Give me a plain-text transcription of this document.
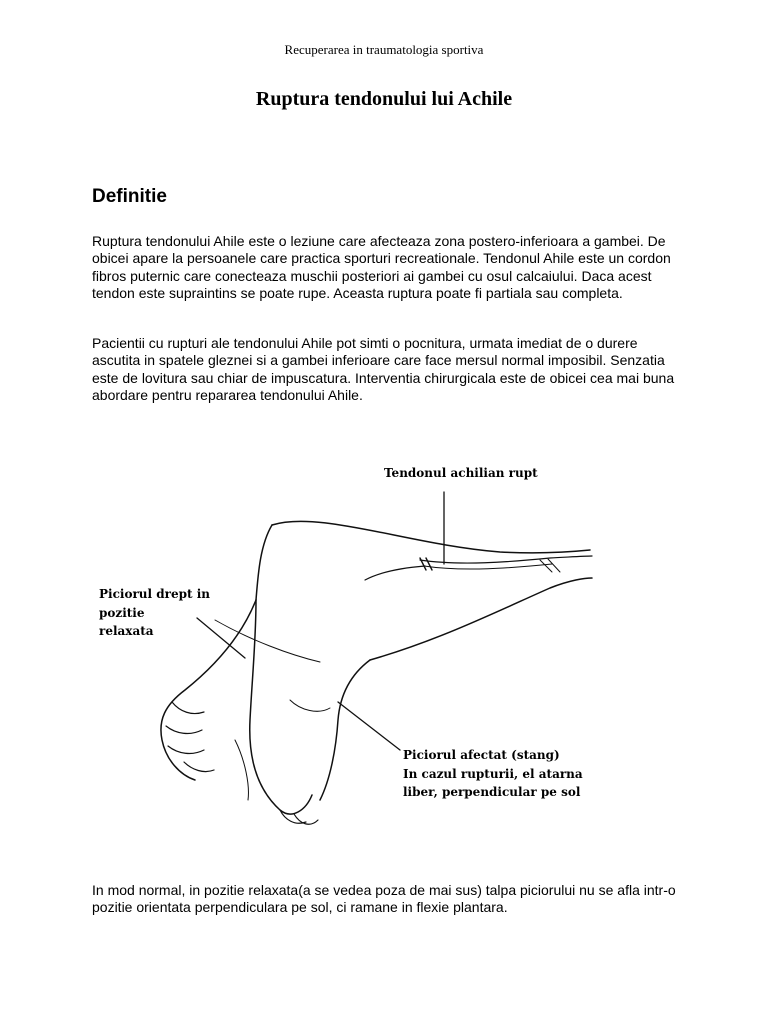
Recuperarea in traumatologia sportiva
Ruptura tendonului lui Achile
Definitie

Ruptura tendonului Ahile este o leziune care afecteaza zona postero-inferioara a gambei. De obicei apare la persoanele care practica sporturi recreationale. Tendonul Ahile este un cordon fibros puternic care conecteaza muschii posteriori ai gambei cu osul calcaiului. Daca acest tendon este supraintins se poate rupe. Aceasta ruptura poate fi partiala sau completa.

Pacientii cu rupturi ale tendonului Ahile pot simti o pocnitura, urmata imediat de o durere ascutita in spatele gleznei si a gambei inferioare care face mersul normal imposibil. Senzatia este de lovitura sau chiar de impuscatura. Interventia chirurgicala este de obicei cea mai buna abordare pentru repararea tendonului Ahile.

Tendonul achilian rupt
Piciorul drept in
pozitie
relaxata
Piciorul afectat (stang)
In cazul rupturii, el atarna
liber, perpendicular pe sol

In mod normal, in pozitie relaxata(a se vedea poza de mai sus) talpa piciorului nu se afla intr-o pozitie orientata perpendiculara pe sol, ci ramane in flexie plantara.
